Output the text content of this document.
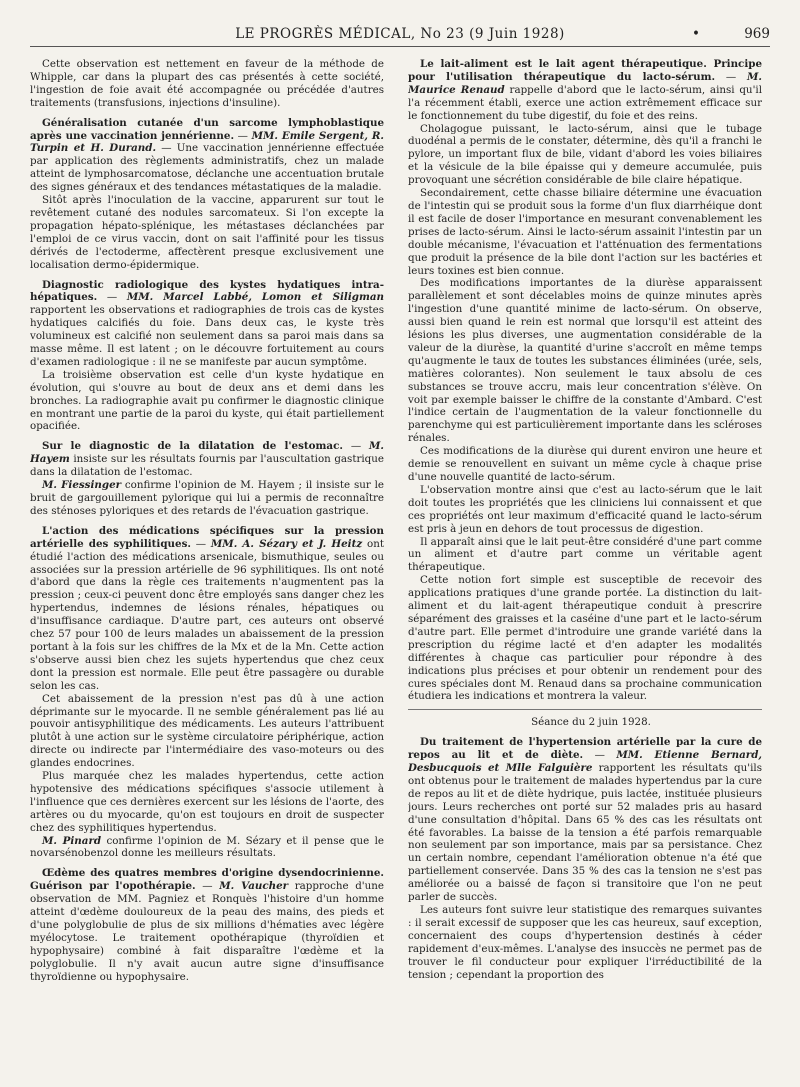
LE PROGRÈS MÉDICAL, No 23 (9 Juin 1928)	•	969

Cette observation est nettement en faveur de la méthode de Whipple, car dans la plupart des cas présentés à cette société, l'ingestion de foie avait été accompagnée ou précédée d'autres traitements (transfusions, injections d'insuline).

Généralisation cutanée d'un sarcome lymphoblastique après une vaccination jennérienne. — MM. Emile Sergent, R. Turpin et H. Durand. — Une vaccination jennérienne effectuée par application des règlements administratifs, chez un malade atteint de lymphosarcomatose, déclanche une accentuation brutale des signes généraux et des tendances métastatiques de la maladie.

Sitôt après l'inoculation de la vaccine, apparurent sur tout le revêtement cutané des nodules sarcomateux. Si l'on excepte la propagation hépato-splénique, les métastases déclanchées par l'emploi de ce virus vaccin, dont on sait l'affinité pour les tissus dérivés de l'ectoderme, affectèrent presque exclusivement une localisation dermo-épidermique.

Diagnostic radiologique des kystes hydatiques intra-hépatiques. — MM. Marcel Labbé, Lomon et Siligman rapportent les observations et radiographies de trois cas de kystes hydatiques calcifiés du foie. Dans deux cas, le kyste très volumineux est calcifié non seulement dans sa paroi mais dans sa masse même. Il est latent ; on le découvre fortuitement au cours d'examen radiologique : il ne se manifeste par aucun symptôme.

La troisième observation est celle d'un kyste hydatique en évolution, qui s'ouvre au bout de deux ans et demi dans les bronches. La radiographie avait pu confirmer le diagnostic clinique en montrant une partie de la paroi du kyste, qui était partiellement opacifiée.

Sur le diagnostic de la dilatation de l'estomac. — M. Hayem insiste sur les résultats fournis par l'auscultation gastrique dans la dilatation de l'estomac.

M. Fiessinger confirme l'opinion de M. Hayem ; il insiste sur le bruit de gargouillement pylorique qui lui a permis de reconnaître des sténoses pyloriques et des retards de l'évacuation gastrique.

L'action des médications spécifiques sur la pression artérielle des syphilitiques. — MM. A. Sézary et J. Heitz ont étudié l'action des médications arsenicale, bismuthique, seules ou associées sur la pression artérielle de 96 syphilitiques. Ils ont noté d'abord que dans la règle ces traitements n'augmentent pas la pression ; ceux-ci peuvent donc être employés sans danger chez les hypertendus, indemnes de lésions rénales, hépatiques ou d'insuffisance cardiaque. D'autre part, ces auteurs ont observé chez 57 pour 100 de leurs malades un abaissement de la pression portant à la fois sur les chiffres de la Mx et de la Mn. Cette action s'observe aussi bien chez les sujets hypertendus que chez ceux dont la pression est normale. Elle peut être passagère ou durable selon les cas.

Cet abaissement de la pression n'est pas dû à une action déprimante sur le myocarde. Il ne semble généralement pas lié au pouvoir antisyphilitique des médicaments. Les auteurs l'attribuent plutôt à une action sur le système circulatoire périphérique, action directe ou indirecte par l'intermédiaire des vaso-moteurs ou des glandes endocrines.

Plus marquée chez les malades hypertendus, cette action hypotensive des médications spécifiques s'associe utilement à l'influence que ces dernières exercent sur les lésions de l'aorte, des artères ou du myocarde, qu'on est toujours en droit de suspecter chez des syphilitiques hypertendus.

M. Pinard confirme l'opinion de M. Sézary et il pense que le novarsénobenzol donne les meilleurs résultats.

Œdème des quatres membres d'origine dysendocrinienne. Guérison par l'opothérapie. — M. Vaucher rapproche d'une observation de MM. Pagniez et Ronquès l'histoire d'un homme atteint d'œdème douloureux de la peau des mains, des pieds et d'une polyglobulie de plus de six millions d'hématies avec légère myélocytose. Le traitement opothérapique (thyroïdien et hypophysaire) combiné à fait disparaître l'œdème et la polyglobulie. Il n'y avait aucun autre signe d'insuffisance thyroïdienne ou hypophysaire.

Le lait-aliment est le lait agent thérapeutique. Principe pour l'utilisation thérapeutique du lacto-sérum. — M. Maurice Renaud rappelle d'abord que le lacto-sérum, ainsi qu'il l'a récemment établi, exerce une action extrêmement efficace sur le fonctionnement du tube digestif, du foie et des reins.

Cholagogue puissant, le lacto-sérum, ainsi que le tubage duodénal a permis de le constater, détermine, dès qu'il a franchi le pylore, un important flux de bile, vidant d'abord les voies biliaires et la vésicule de la bile épaisse qui y demeure accumulée, puis provoquant une sécrétion considérable de bile claire hépatique.

Secondairement, cette chasse biliaire détermine une évacuation de l'intestin qui se produit sous la forme d'un flux diarrhéique dont il est facile de doser l'importance en mesurant convenablement les prises de lacto-sérum. Ainsi le lacto-sérum assainit l'intestin par un double mécanisme, l'évacuation et l'atténuation des fermentations que produit la présence de la bile dont l'action sur les bactéries et leurs toxines est bien connue.

Des modifications importantes de la diurèse apparaissent parallèlement et sont décelables moins de quinze minutes après l'ingestion d'une quantité minime de lacto-sérum. On observe, aussi bien quand le rein est normal que lorsqu'il est atteint des lésions les plus diverses, une augmentation considérable de la valeur de la diurèse, la quantité d'urine s'accroît en même temps qu'augmente le taux de toutes les substances éliminées (urée, sels, matières colorantes). Non seulement le taux absolu de ces substances se trouve accru, mais leur concentration s'élève. On voit par exemple baisser le chiffre de la constante d'Ambard. C'est l'indice certain de l'augmentation de la valeur fonctionnelle du parenchyme qui est particulièrement importante dans les scléroses rénales.

Ces modifications de la diurèse qui durent environ une heure et demie se renouvellent en suivant un même cycle à chaque prise d'une nouvelle quantité de lacto-sérum.

L'observation montre ainsi que c'est au lacto-sérum que le lait doit toutes les propriétés que les cliniciens lui connaissent et que ces propriétés ont leur maximum d'efficacité quand le lacto-sérum est pris à jeun en dehors de tout processus de digestion.

Il apparaît ainsi que le lait peut-être considéré d'une part comme un aliment et d'autre part comme un véritable agent thérapeutique.

Cette notion fort simple est susceptible de recevoir des applications pratiques d'une grande portée. La distinction du lait-aliment et du lait-agent thérapeutique conduit à prescrire séparément des graisses et la caséine d'une part et le lacto-sérum d'autre part. Elle permet d'introduire une grande variété dans la prescription du régime lacté et d'en adapter les modalités différentes à chaque cas particulier pour répondre à des indications plus précises et pour obtenir un rendement pour des cures spéciales dont M. Renaud dans sa prochaine communication étudiera les indications et montrera la valeur.

Séance du 2 juin 1928.

Du traitement de l'hypertension artérielle par la cure de repos au lit et de diète. — MM. Etienne Bernard, Desbucquois et Mlle Falguière rapportent les résultats qu'ils ont obtenus pour le traitement de malades hypertendus par la cure de repos au lit et de diète hydrique, puis lactée, instituée plusieurs jours. Leurs recherches ont porté sur 52 malades pris au hasard d'une consultation d'hôpital. Dans 65 % des cas les résultats ont été favorables. La baisse de la tension a été parfois remarquable non seulement par son importance, mais par sa persistance. Chez un certain nombre, cependant l'amélioration obtenue n'a été que partiellement conservée. Dans 35 % des cas la tension ne s'est pas améliorée ou a baissé de façon si transitoire que l'on ne peut parler de succès.

Les auteurs font suivre leur statistique des remarques suivantes : il serait excessif de supposer que les cas heureux, sauf exception, concernaient des coups d'hypertension destinés à céder rapidement d'eux-mêmes. L'analyse des insuccès ne permet pas de trouver le fil conducteur pour expliquer l'irréductibilité de la tension ; cependant la proportion des
